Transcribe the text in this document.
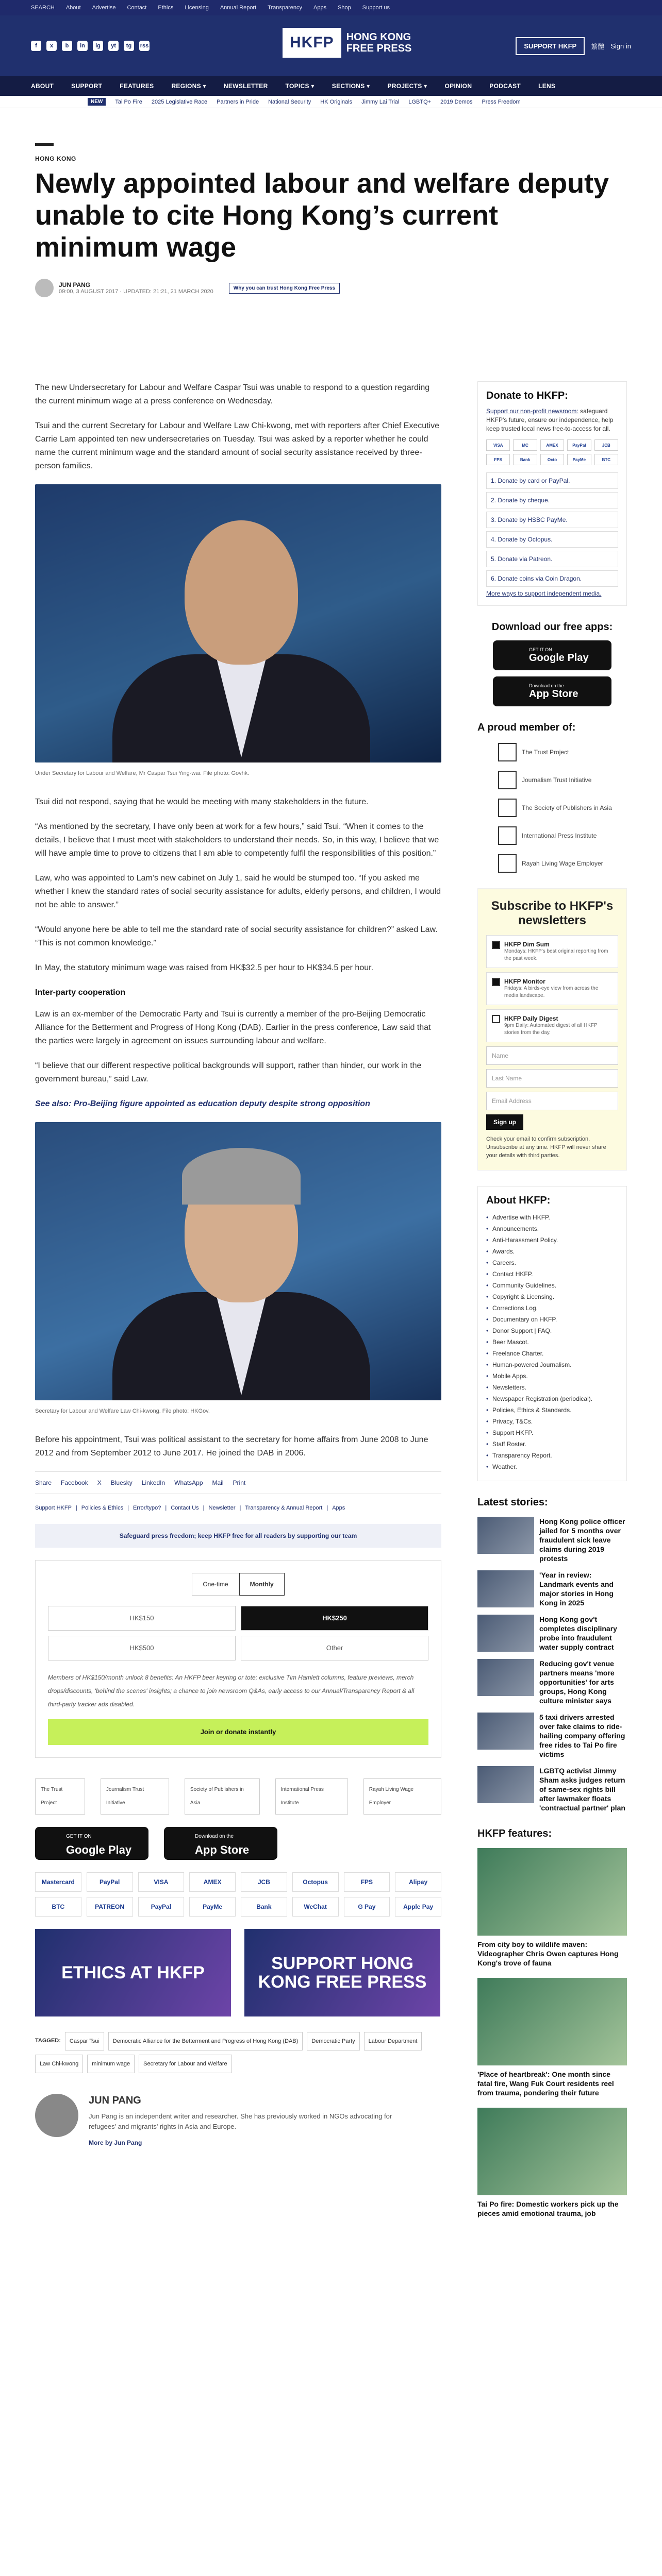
SEARCH About Advertise Contact Ethics Licensing Annual Report Transparency Apps Shop Support us
f	x	b	in	ig	yt	tg	rss	HKFP	HONG KONG
FREE PRESS	SUPPORT HKFP	繁體 Sign in
ABOUT	SUPPORT	FEATURES	REGIONS ▾	NEWSLETTER	TOPICS ▾	SECTIONS ▾	PROJECTS ▾	OPINION	PODCAST	LENS
NEW	Tai Po Fire 2025 Legislative Race Partners in Pride National Security HK Originals Jimmy Lai Trial LGBTQ+ 2019 Demos Press Freedom
HONG KONG
Newly appointed labour and welfare deputy unable to cite Hong Kong’s current minimum wage
JUN PANG
09:00, 3 AUGUST 2017 · UPDATED: 21:21, 21 MARCH 2020
Why you can trust Hong Kong Free Press

The new Undersecretary for Labour and Welfare Caspar Tsui was unable to respond to a question regarding the current minimum wage at a press conference on Wednesday.

Tsui and the current Secretary for Labour and Welfare Law Chi-kwong, met with reporters after Chief Executive Carrie Lam appointed ten new undersecretaries on Tuesday. Tsui was asked by a reporter whether he could name the current minimum wage and the standard amount of social security assistance received by three-person families.

Under Secretary for Labour and Welfare, Mr Caspar Tsui Ying-wai. File photo: Govhk.

Tsui did not respond, saying that he would be meeting with many stakeholders in the future.

“As mentioned by the secretary, I have only been at work for a few hours,” said Tsui. “When it comes to the details, I believe that I must meet with stakeholders to understand their needs. So, in this way, I believe that we will have ample time to prove to citizens that I am able to competently fulfil the responsibilities of this position.”

Law, who was appointed to Lam’s new cabinet on July 1, said he would be stumped too. “If you asked me whether I knew the standard rates of social security assistance for adults, elderly persons, and children, I would not be able to answer.”

“Would anyone here be able to tell me the standard rate of social security assistance for children?” asked Law. “This is not common knowledge.”

In May, the statutory minimum wage was raised from HK$32.5 per hour to HK$34.5 per hour.

Inter-party cooperation

Law is an ex-member of the Democratic Party and Tsui is currently a member of the pro-Beijing Democratic Alliance for the Betterment and Progress of Hong Kong (DAB). Earlier in the press conference, Law said that the parties were largely in agreement on issues surrounding labour and welfare.

“I believe that our different respective political backgrounds will support, rather than hinder, our work in the government bureau,” said Law.

See also: Pro-Beijing figure appointed as education deputy despite strong opposition

Secretary for Labour and Welfare Law Chi-kwong. File photo: HKGov.

Before his appointment, Tsui was political assistant to the secretary for home affairs from June 2008 to June 2012 and from September 2012 to June 2017. He joined the DAB in 2006.

Share Facebook X Bluesky LinkedIn WhatsApp Mail Print
Support HKFP | Policies & Ethics | Error/typo? | Contact Us | Newsletter | Transparency & Annual Report | Apps
Safeguard press freedom; keep HKFP free for all readers by supporting our team
One-time	Monthly
HK$150	HK$250
HK$500	Other
Members of HK$150/month unlock 8 benefits: An HKFP beer keyring or tote; exclusive Tim Hamlett columns, feature previews, merch drops/discounts, 'behind the scenes' insights; a chance to join newsroom Q&As, early access to our Annual/Transparency Report & all third-party tracker ads disabled.
Join or donate instantly
The Trust Project
Journalism Trust Initiative
Society of Publishers in Asia
International Press Institute
Rayah Living Wage Employer
GET IT ON
Google Play
Download on the
App Store
Mastercard	PayPal	VISA	AMEX	JCB	Octopus	FPS	Alipay
BTC	PATREON	PayPal	PayMe	Bank	WeChat	G Pay	Apple Pay
ETHICS AT HKFP	SUPPORT HONG KONG FREE PRESS
TAGGED:	Caspar Tsui	Democratic Alliance for the Betterment and Progress of Hong Kong (DAB)	Democratic Party	Labour Department
Law Chi-kwong	minimum wage	Secretary for Labour and Welfare
JUN PANG
Jun Pang is an independent writer and researcher. She has previously worked in NGOs advocating for refugees' and migrants' rights in Asia and Europe.
More by Jun Pang
Donate to HKFP:
Support our non-profit newsroom: safeguard HKFP's future, ensure our independence, help keep trusted local news free-to-access for all.
VISA	MC	AMEX	PayPal	JCB
FPS	Bank	Octo	PayMe	BTC
1. Donate by card or PayPal.
2. Donate by cheque.
3. Donate by HSBC PayMe.
4. Donate by Octopus.
5. Donate via Patreon.
6. Donate coins via Coin Dragon.
More ways to support independent media.
Download our free apps:
GET IT ON
Google Play
Download on the
App Store
A proud member of:
The Trust Project
Journalism Trust Initiative
The Society of Publishers in Asia
International Press Institute
Rayah Living Wage Employer
Subscribe to HKFP's newsletters
HKFP Dim Sum
Mondays: HKFP's best original reporting from the past week.
HKFP Monitor
Fridays: A birds-eye view from across the media landscape.
HKFP Daily Digest
9pm Daily: Automated digest of all HKFP stories from the day.
Name
Last Name
Email Address
Sign up
Check your email to confirm subscription. Unsubscribe at any time. HKFP will never share your details with third parties.
About HKFP:
• Advertise with HKFP.
• Announcements.
• Anti-Harassment Policy.
• Awards.
• Careers.
• Contact HKFP.
• Community Guidelines.
• Copyright & Licensing.
• Corrections Log.
• Documentary on HKFP.
• Donor Support | FAQ.
• Beer Mascot.
• Freelance Charter.
• Human-powered Journalism.
• Mobile Apps.
• Newsletters.
• Newspaper Registration (periodical).
• Policies, Ethics & Standards.
• Privacy, T&Cs.
• Support HKFP.
• Staff Roster.
• Transparency Report.
• Weather.
Latest stories:
Hong Kong police officer jailed for 5 months over fraudulent sick leave claims during 2019 protests
'Year in review: Landmark events and major stories in Hong Kong in 2025
Hong Kong gov't completes disciplinary probe into fraudulent water supply contract
Reducing gov't venue partners means 'more opportunities' for arts groups, Hong Kong culture minister says
5 taxi drivers arrested over fake claims to ride-hailing company offering free rides to Tai Po fire victims
LGBTQ activist Jimmy Sham asks judges return of same-sex rights bill after lawmaker floats 'contractual partner' plan
HKFP features:
From city boy to wildlife maven: Videographer Chris Owen captures Hong Kong's trove of fauna
'Place of heartbreak': One month since fatal fire, Wang Fuk Court residents reel from trauma, pondering their future
Tai Po fire: Domestic workers pick up the pieces amid emotional trauma, job
